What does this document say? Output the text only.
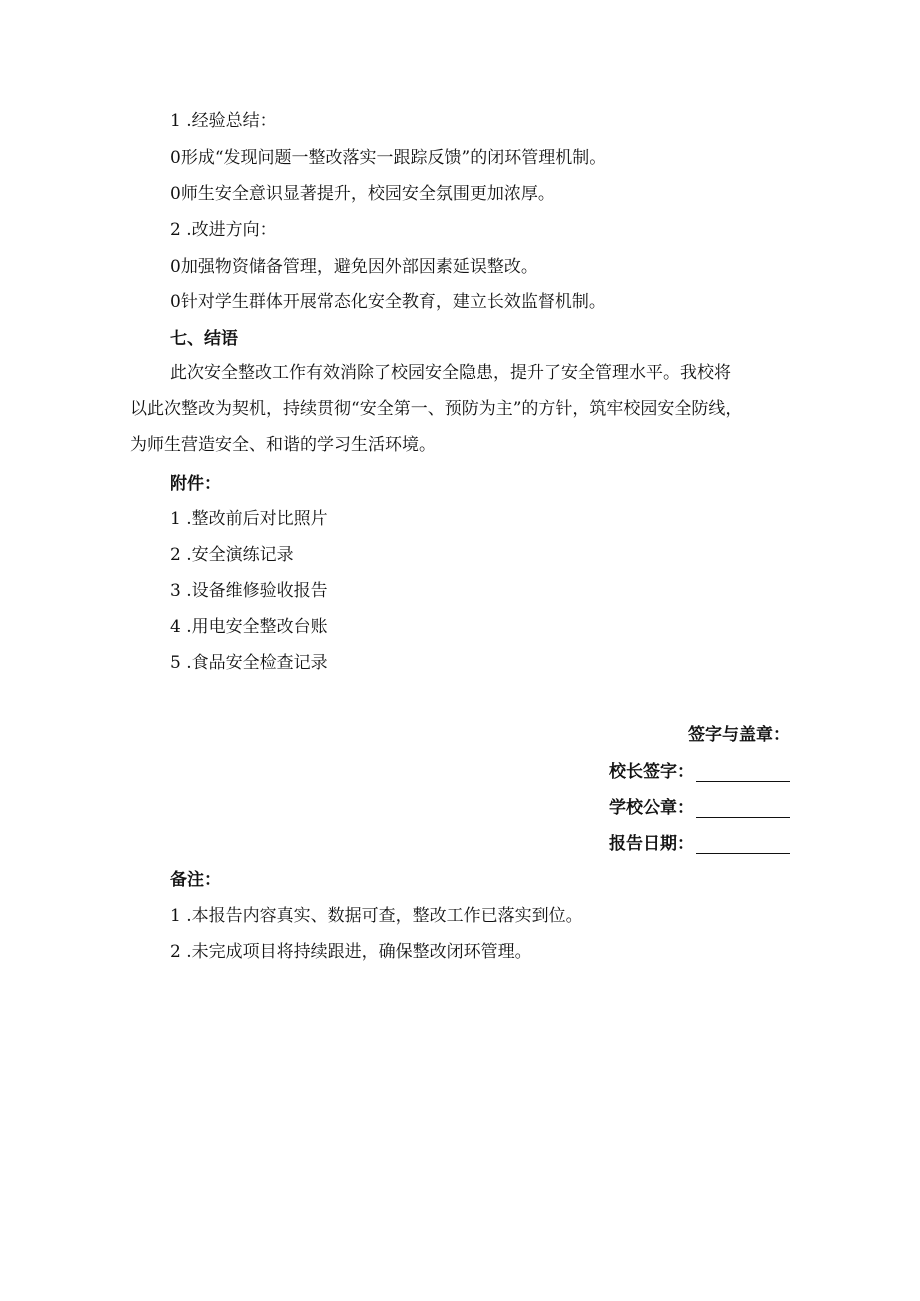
1 .经验总结：
0形成“发现问题一整改落实一跟踪反馈”的闭环管理机制。
0师生安全意识显著提升，校园安全氛围更加浓厚。
2 .改进方向：
0加强物资储备管理，避免因外部因素延误整改。
0针对学生群体开展常态化安全教育，建立长效监督机制。
七、结语
此次安全整改工作有效消除了校园安全隐患，提升了安全管理水平。我校将
以此次整改为契机，持续贯彻“安全第一、预防为主”的方针，筑牢校园安全防线，
为师生营造安全、和谐的学习生活环境。
附件：
1 .整改前后对比照片
2 .安全演练记录
3 .设备维修验收报告
4 .用电安全整改台账
5 .食品安全检查记录
签字与盖章：
校长签字：
学校公章：
报告日期：
备注：
1 .本报告内容真实、数据可查，整改工作已落实到位。
2 .未完成项目将持续跟进，确保整改闭环管理。
